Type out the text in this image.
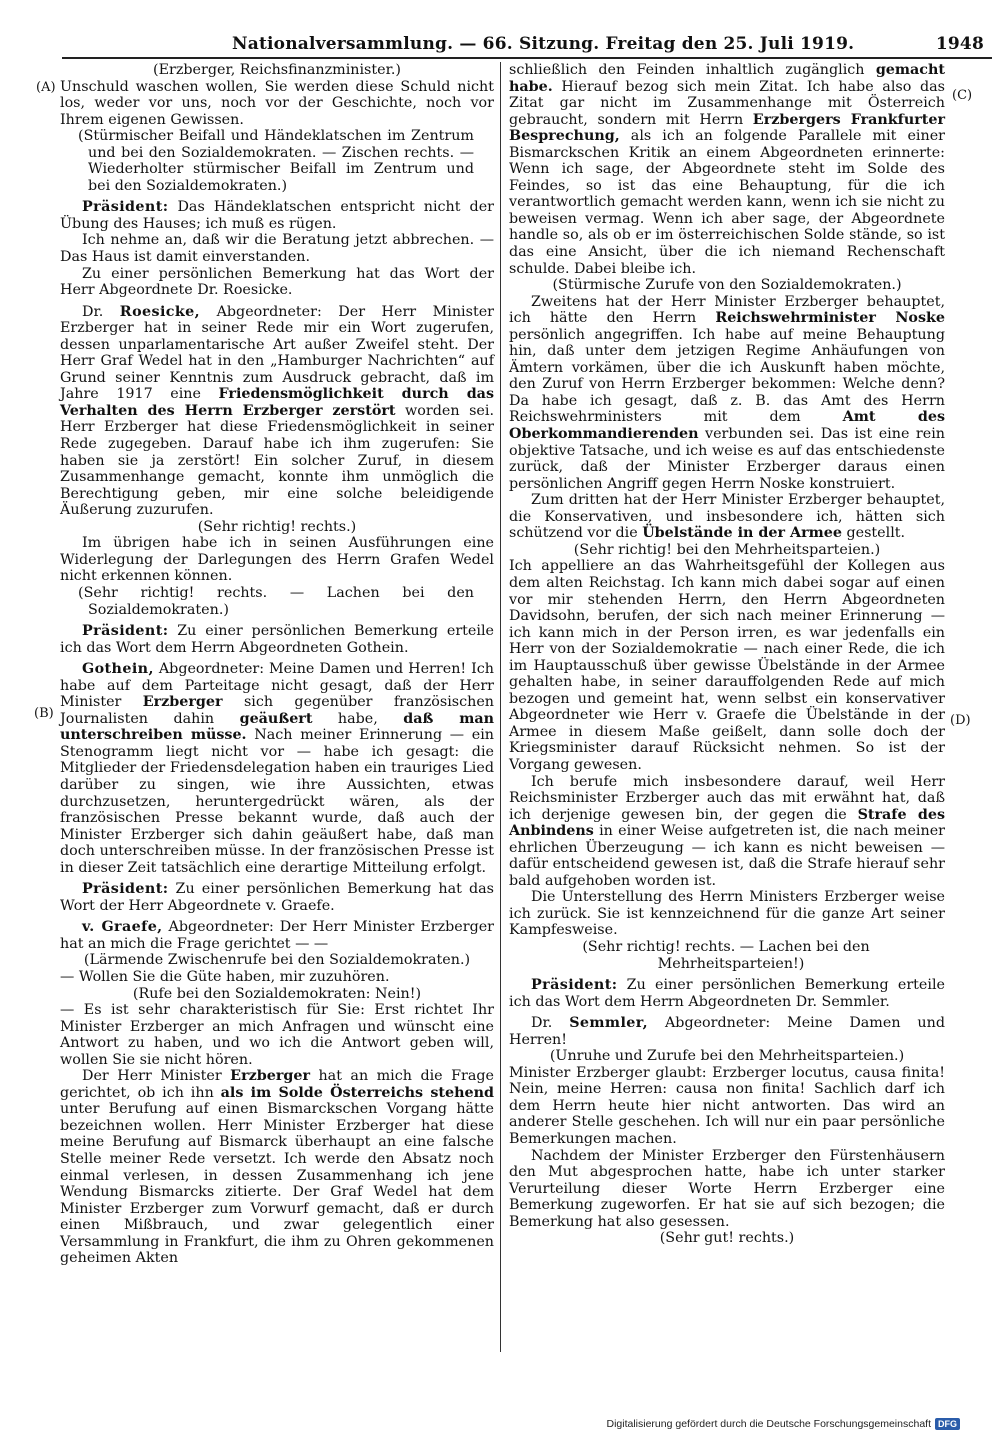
Nationalversammlung. — 66. Sitzung. Freitag den 25. Juli 1919.	1948
(A)
(B)
(C)
(D)

(Erzberger, Reichsfinanzminister.)

Unschuld waschen wollen, Sie werden diese Schuld nicht los, weder vor uns, noch vor der Geschichte, noch vor Ihrem eigenen Gewissen.

(Stürmischer Beifall und Händeklatschen im Zentrum und bei den Sozialdemokraten. — Zischen rechts. — Wiederholter stürmischer Beifall im Zentrum und bei den Sozialdemokraten.)

Präsident: Das Händeklatschen entspricht nicht der Übung des Hauses; ich muß es rügen.

Ich nehme an, daß wir die Beratung jetzt abbrechen. — Das Haus ist damit einverstanden.

Zu einer persönlichen Bemerkung hat das Wort der Herr Abgeordnete Dr. Roesicke.

Dr. Roesicke, Abgeordneter: Der Herr Minister Erzberger hat in seiner Rede mir ein Wort zugerufen, dessen unparlamentarische Art außer Zweifel steht. Der Herr Graf Wedel hat in den „Hamburger Nachrichten“ auf Grund seiner Kenntnis zum Ausdruck gebracht, daß im Jahre 1917 eine Friedensmöglichkeit durch das Verhalten des Herrn Erzberger zerstört worden sei. Herr Erzberger hat diese Friedensmöglichkeit in seiner Rede zugegeben. Darauf habe ich ihm zugerufen: Sie haben sie ja zerstört! Ein solcher Zuruf, in diesem Zusammenhange gemacht, konnte ihm unmöglich die Berechtigung geben, mir eine solche beleidigende Äußerung zuzurufen.

(Sehr richtig! rechts.)

Im übrigen habe ich in seinen Ausführungen eine Widerlegung der Darlegungen des Herrn Grafen Wedel nicht erkennen können.

(Sehr richtig! rechts. — Lachen bei den Sozialdemokraten.)

Präsident: Zu einer persönlichen Bemerkung erteile ich das Wort dem Herrn Abgeordneten Gothein.

Gothein, Abgeordneter: Meine Damen und Herren! Ich habe auf dem Parteitage nicht gesagt, daß der Herr Minister Erzberger sich gegenüber französischen Journalisten dahin geäußert habe, daß man unterschreiben müsse. Nach meiner Erinnerung — ein Stenogramm liegt nicht vor — habe ich gesagt: die Mitglieder der Friedensdelegation haben ein trauriges Lied darüber zu singen, wie ihre Aussichten, etwas durchzusetzen, heruntergedrückt wären, als der französischen Presse bekannt wurde, daß auch der Minister Erzberger sich dahin geäußert habe, daß man doch unterschreiben müsse. In der französischen Presse ist in dieser Zeit tatsächlich eine derartige Mitteilung erfolgt.

Präsident: Zu einer persönlichen Bemerkung hat das Wort der Herr Abgeordnete v. Graefe.

v. Graefe, Abgeordneter: Der Herr Minister Erzberger hat an mich die Frage gerichtet — —

(Lärmende Zwischenrufe bei den Sozialdemokraten.)

— Wollen Sie die Güte haben, mir zuzuhören.

(Rufe bei den Sozialdemokraten: Nein!)

— Es ist sehr charakteristisch für Sie: Erst richtet Ihr Minister Erzberger an mich Anfragen und wünscht eine Antwort zu haben, und wo ich die Antwort geben will, wollen Sie sie nicht hören.

Der Herr Minister Erzberger hat an mich die Frage gerichtet, ob ich ihn als im Solde Österreichs stehend unter Berufung auf einen Bismarckschen Vorgang hätte bezeichnen wollen. Herr Minister Erzberger hat diese meine Berufung auf Bismarck überhaupt an eine falsche Stelle meiner Rede versetzt. Ich werde den Absatz noch einmal verlesen, in dessen Zusammenhang ich jene Wendung Bismarcks zitierte. Der Graf Wedel hat dem Minister Erzberger zum Vorwurf gemacht, daß er durch einen Mißbrauch, und zwar gelegentlich einer Versammlung in Frankfurt, die ihm zu Ohren gekommenen geheimen Akten

schließlich den Feinden inhaltlich zugänglich gemacht habe. Hierauf bezog sich mein Zitat. Ich habe also das Zitat gar nicht im Zusammenhange mit Österreich gebraucht, sondern mit Herrn Erzbergers Frankfurter Besprechung, als ich an folgende Parallele mit einer Bismarckschen Kritik an einem Abgeordneten erinnerte: Wenn ich sage, der Abgeordnete steht im Solde des Feindes, so ist das eine Behauptung, für die ich verantwortlich gemacht werden kann, wenn ich sie nicht zu beweisen vermag. Wenn ich aber sage, der Abgeordnete handle so, als ob er im österreichischen Solde stände, so ist das eine Ansicht, über die ich niemand Rechenschaft schulde. Dabei bleibe ich.

(Stürmische Zurufe von den Sozialdemokraten.)

Zweitens hat der Herr Minister Erzberger behauptet, ich hätte den Herrn Reichswehrminister Noske persönlich angegriffen. Ich habe auf meine Behauptung hin, daß unter dem jetzigen Regime Anhäufungen von Ämtern vorkämen, über die ich Auskunft haben möchte, den Zuruf von Herrn Erzberger bekommen: Welche denn? Da habe ich gesagt, daß z. B. das Amt des Herrn Reichswehrministers mit dem	Amt des Oberkommandierenden verbunden sei. Das ist eine rein objektive Tatsache, und ich weise es auf das entschiedenste zurück, daß der Minister Erzberger daraus einen persönlichen Angriff gegen Herrn Noske konstruiert.

Zum dritten hat der Herr Minister Erzberger behauptet, die Konservativen, und insbesondere ich, hätten sich schützend vor die Übelstände in der Armee gestellt.

(Sehr richtig! bei den Mehrheitsparteien.)

Ich appelliere an das Wahrheitsgefühl der Kollegen aus dem alten Reichstag. Ich kann mich dabei sogar auf einen vor mir stehenden Herrn, den Herrn Abgeordneten Davidsohn, berufen, der sich nach meiner Erinnerung — ich kann mich in der Person irren, es war jedenfalls ein Herr von der Sozialdemokratie — nach einer Rede, die ich im Hauptausschuß über gewisse Übelstände in der Armee gehalten habe, in seiner darauffolgenden Rede auf mich bezogen und gemeint hat, wenn selbst ein konservativer Abgeordneter wie Herr v. Graefe die Übelstände in der Armee in diesem Maße geißelt, dann solle doch der Kriegsminister darauf Rücksicht nehmen. So ist der Vorgang gewesen.

Ich berufe mich insbesondere darauf, weil Herr Reichsminister Erzberger auch das mit erwähnt hat, daß ich derjenige gewesen bin, der gegen die Strafe des Anbindens in einer Weise aufgetreten ist, die nach meiner ehrlichen Überzeugung — ich kann es nicht beweisen — dafür entscheidend gewesen ist, daß die Strafe hierauf sehr bald aufgehoben worden ist.

Die Unterstellung des Herrn Ministers Erzberger weise ich zurück. Sie ist kennzeichnend für die ganze Art seiner Kampfesweise.

(Sehr richtig! rechts. — Lachen bei den Mehrheitsparteien!)

Präsident: Zu einer persönlichen Bemerkung erteile ich das Wort dem Herrn Abgeordneten Dr. Semmler.

Dr. Semmler, Abgeordneter: Meine Damen und Herren!

(Unruhe und Zurufe bei den Mehrheitsparteien.)

Minister Erzberger glaubt: Erzberger locutus, causa finita! Nein, meine Herren: causa non finita! Sachlich darf ich dem Herrn heute hier nicht antworten. Das wird an anderer Stelle geschehen. Ich will nur ein paar persönliche Bemerkungen machen.

Nachdem der Minister Erzberger den Fürstenhäusern den Mut abgesprochen hatte, habe ich unter starker Verurteilung dieser Worte Herrn Erzberger eine Bemerkung zugeworfen. Er hat sie auf sich bezogen; die Bemerkung hat also gesessen.

(Sehr gut! rechts.)

Digitalisierung gefördert durch die Deutsche Forschungsgemeinschaft DFG
